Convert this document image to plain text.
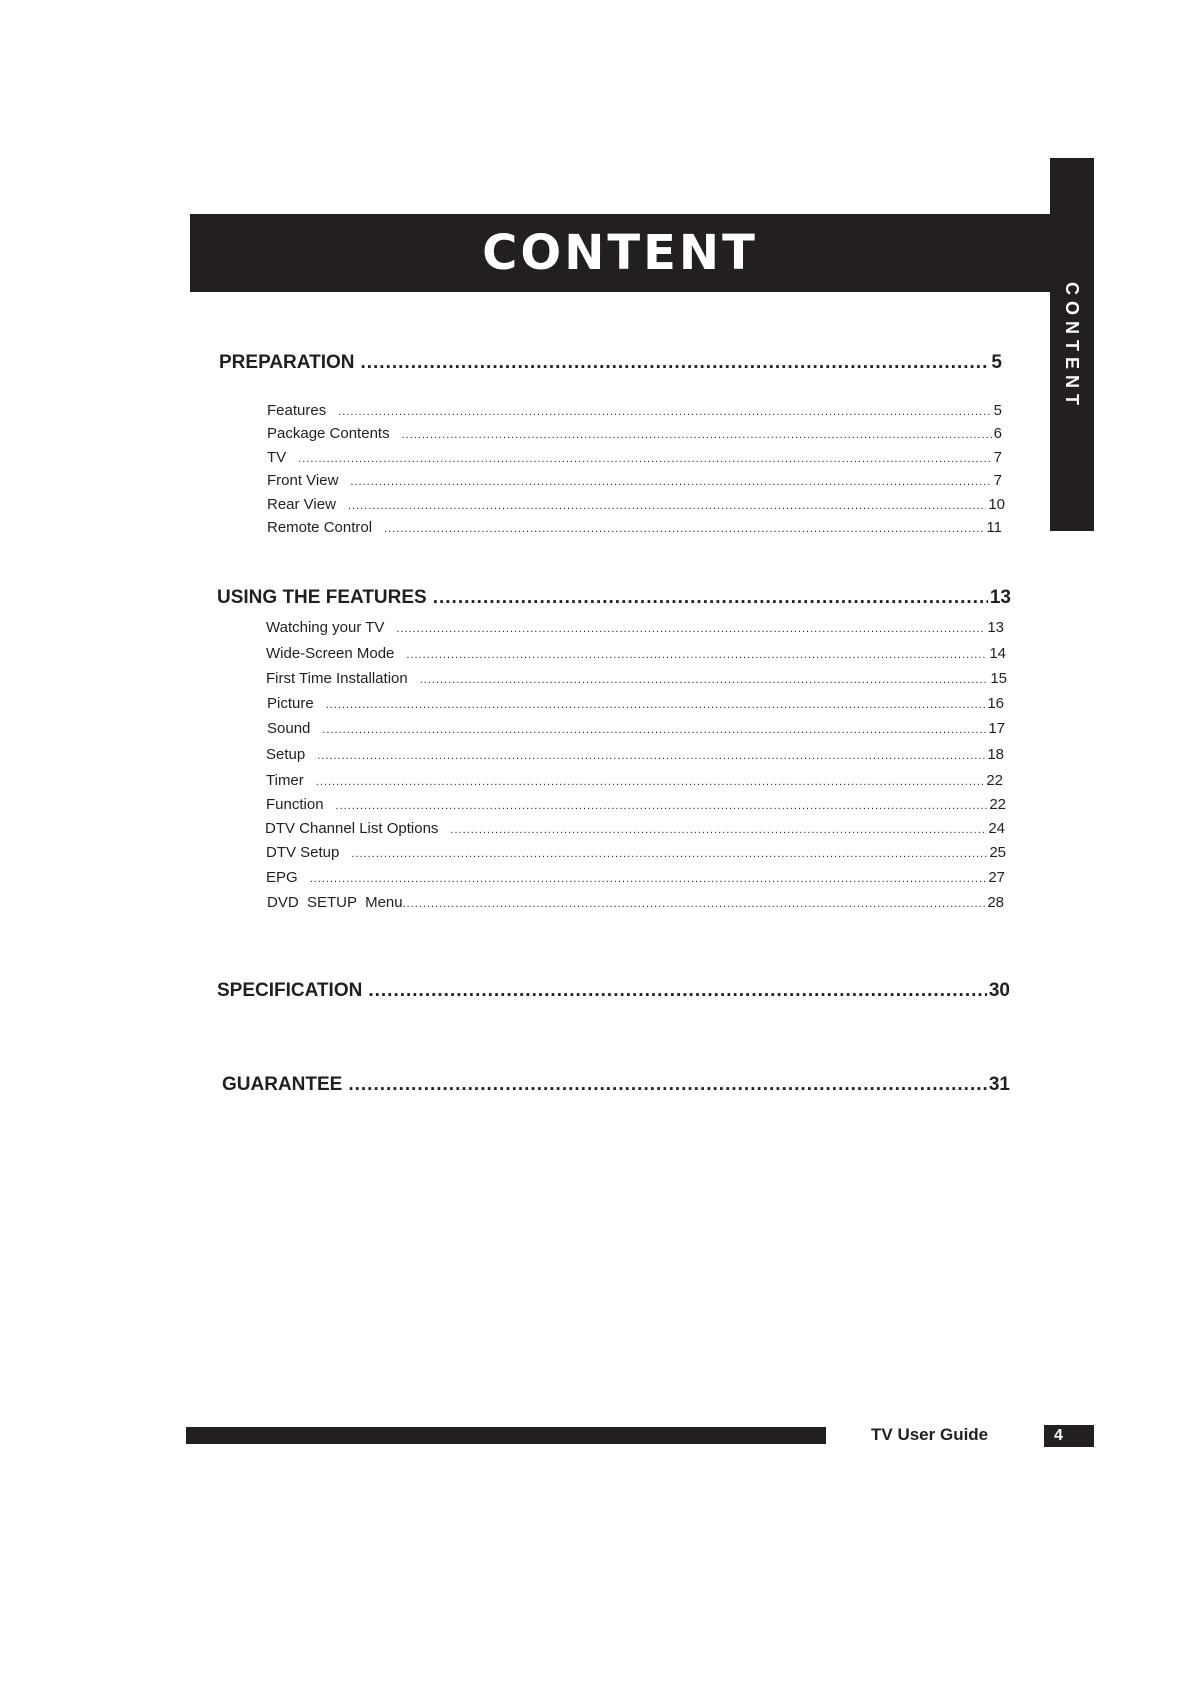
CONTENT
CONTENT
PREPARATION .....	5
Features .....	5
Package Contents .....	6
TV .....	7
Front View .....	7
Rear View .....	10
Remote Control .....	11
USING THE FEATURES .....	13
Watching your TV .....	13
Wide-Screen Mode .....	14
First Time Installation .....	15
Picture .....	16
Sound .....	17
Setup .....	18
Timer .....	22
Function .....	22
DTV Channel List Options .....	24
DTV Setup .....	25
EPG .....	27
DVD  SETUP  Menu .....	28
SPECIFICATION .....	30
GUARANTEE .....	31
TV User Guide	4
